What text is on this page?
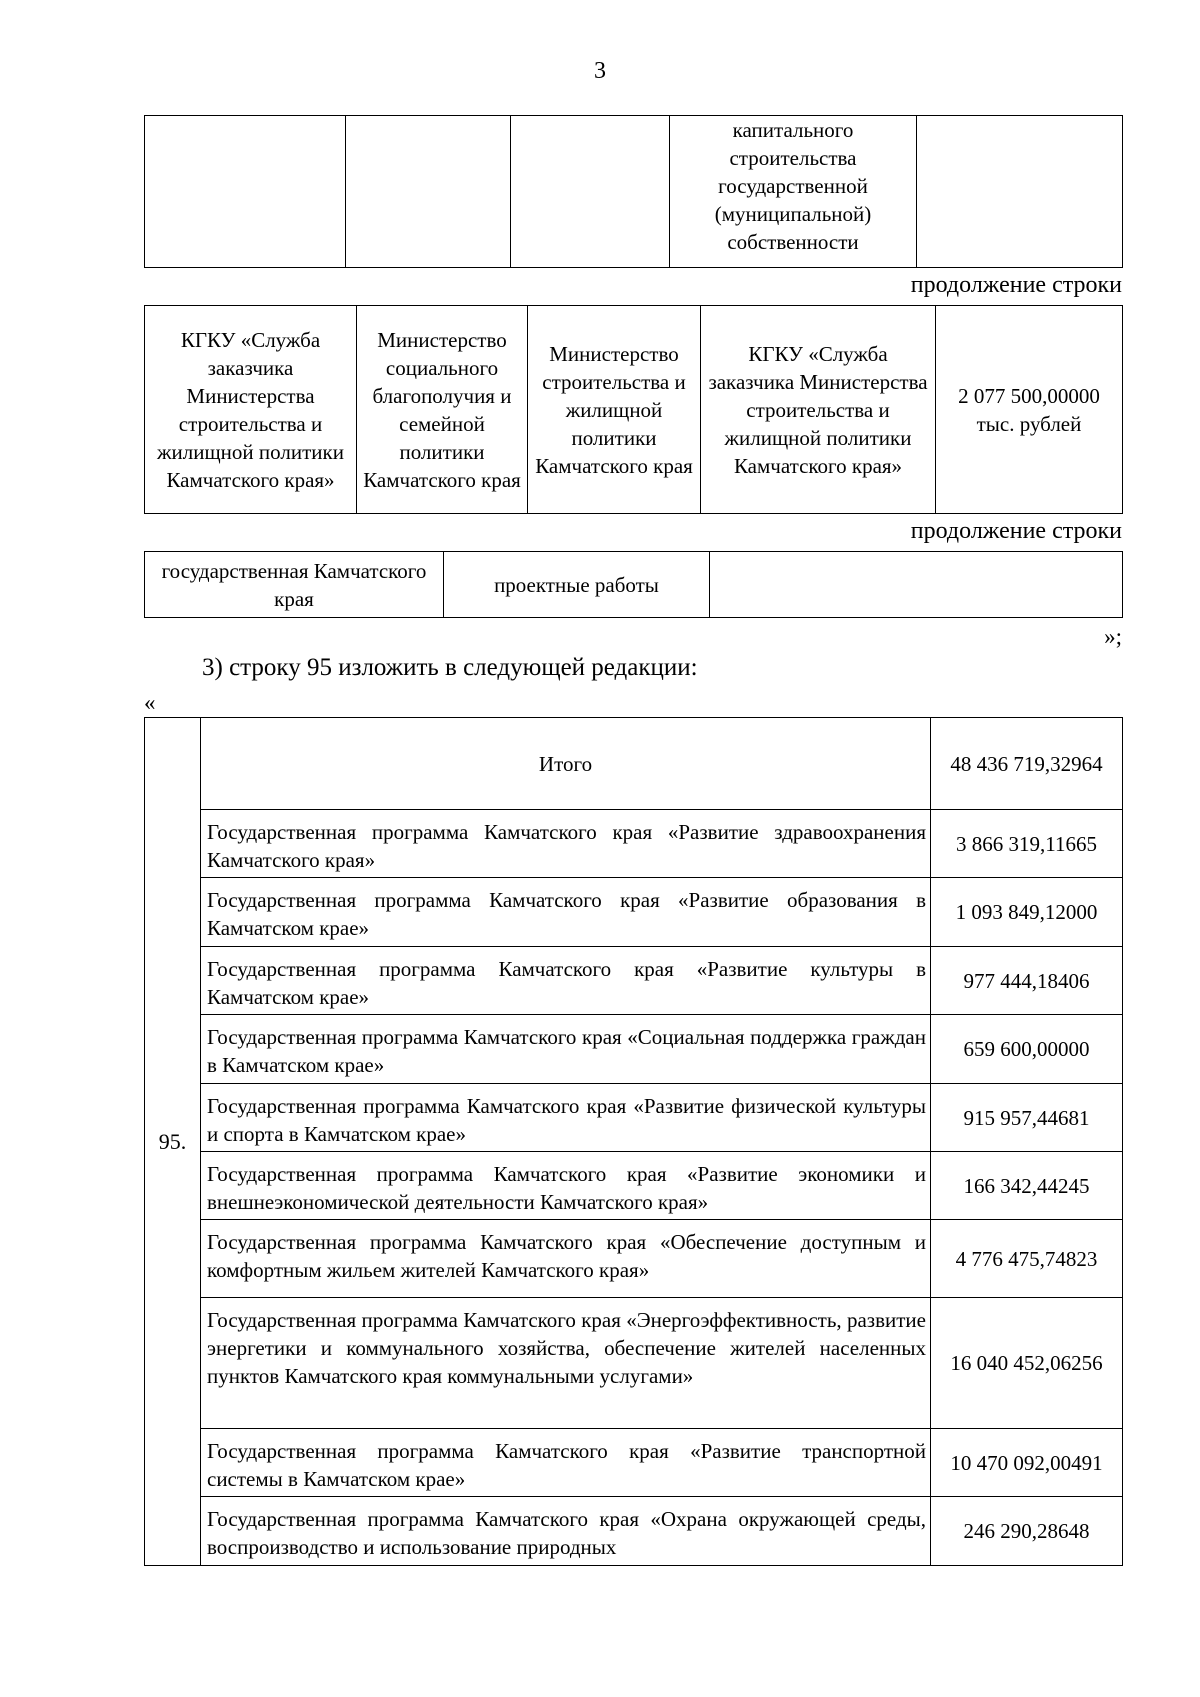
3
			капитального строительства государственной (муниципальной) собственности	
продолжение строки
КГКУ «Служба заказчика Министерства строительства и жилищной политики Камчатского края»	Министерство социального благополучия и семейной политики Камчатского края	Министерство строительства и жилищной политики Камчатского края	КГКУ «Служба заказчика Министерства строительства и жилищной политики Камчатского края»	2 077 500,00000 тыс. рублей
продолжение строки
государственная Камчатского края	проектные работы	
»;
3) строку 95 изложить в следующей редакции:
«
95.	Итого	48 436 719,32964
	Государственная программа Камчатского края «Развитие здравоохранения Камчатского края»	3 866 319,11665
	Государственная программа Камчатского края «Развитие образования в Камчатском крае»	1 093 849,12000
	Государственная программа Камчатского края «Развитие культуры в Камчатском крае»	977 444,18406
	Государственная программа Камчатского края «Социальная поддержка граждан в Камчатском крае»	659 600,00000
	Государственная программа Камчатского края «Развитие физической культуры и спорта в Камчатском крае»	915 957,44681
	Государственная программа Камчатского края «Развитие экономики и внешнеэкономической деятельности Камчатского края»	166 342,44245
	Государственная программа Камчатского края «Обеспечение доступным и комфортным жильем жителей Камчатского края»	4 776 475,74823
	Государственная программа Камчатского края «Энергоэффективность, развитие энергетики и коммунального хозяйства, обеспечение жителей населенных пунктов Камчатского края коммунальными услугами»	16 040 452,06256
	Государственная программа Камчатского края «Развитие транспортной системы в Камчатском крае»	10 470 092,00491
	Государственная программа Камчатского края «Охрана окружающей среды, воспроизводство и использование природных	246 290,28648
